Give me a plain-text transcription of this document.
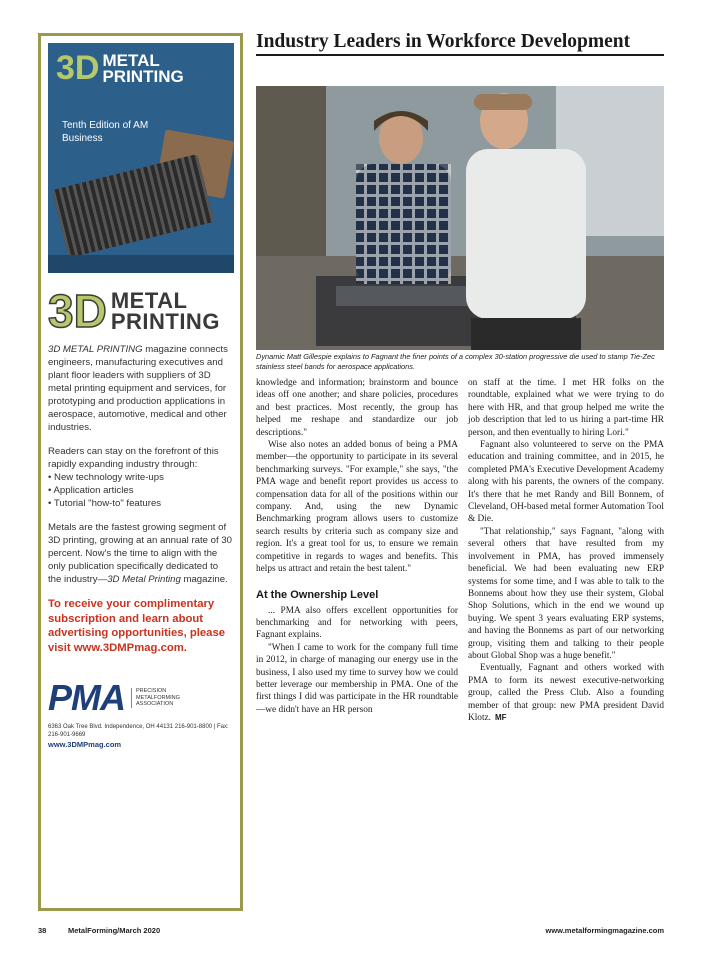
3D METAL
PRINTING
Tenth Edition of AM Business
3D METAL
PRINTING

3D METAL PRINTING magazine connects engineers, manufacturing executives and plant floor leaders with suppliers of 3D metal printing equipment and services, for prototyping and production applications in aerospace, automotive, medical and other industries.

Readers can stay on the forefront of this rapidly expanding industry through:

• New technology write-ups
• Application articles
• Tutorial "how-to" features

Metals are the fastest growing segment of 3D printing, growing at an annual rate of 30 percent. Now's the time to align with the only publication specifically dedicated to the industry—3D Metal Printing magazine.

To receive your complimentary subscription and learn about advertising opportunities, please visit www.3DMPmag.com.
PMA	PRECISION METALFORMING ASSOCIATION
6363 Oak Tree Blvd. Independence, OH 44131 216-901-8800 | Fax: 216-901-9669
www.3DMPmag.com
Industry Leaders in Workforce Development
Dynamic Matt Gillespie explains to Fagnant the finer points of a complex 30-station progressive die used to stamp Tie-Zec stainless steel bands for aerospace applications.

knowledge and information; brainstorm and bounce ideas off one another; and share policies, procedures and best practices. Most recently, the group has helped me reshape and standardize our job descriptions."

Wise also notes an added bonus of being a PMA member—the opportunity to participate in its several benchmarking surveys. "For example," she says, "the PMA wage and benefit report provides us access to compensation data for all of the positions within our company. And, using the new Dynamic Benchmarking program allows users to customize search results by criteria such as company size and region. It's a great tool for us, to ensure we remain competitive in regards to wages and benefits. This helps us attract and retain the best talent."

At the Ownership Level

... PMA also offers excellent opportunities for benchmarking and for networking with peers, Fagnant explains.

"When I came to work for the company full time in 2012, in charge of managing our energy use in the business, I also used my time to survey how we could better leverage our membership in PMA. One of the first things I did was participate in the HR roundtable—we didn't have an HR person

on staff at the time. I met HR folks on the roundtable, explained what we were trying to do here with HR, and that group helped me write the job description that led to us hiring a part-time HR person, and then eventually to hiring Lori."

Fagnant also volunteered to serve on the PMA education and training committee, and in 2015, he completed PMA's Executive Development Academy along with his parents, the owners of the company. It's there that he met Randy and Bill Bonnem, of Cleveland, OH-based metal former Automation Tool & Die.

"That relationship," says Fagnant, "along with several others that have resulted from my involvement in PMA, has proved immensely beneficial. We had been evaluating new ERP systems for some time, and I was able to talk to the Bonnems about how they use their system, Global Shop Solutions, which in the end we wound up buying. We spent 3 years evaluating ERP systems, and having the Bonnems as part of our networking group, visiting them and talking to their people about Global Shop was a huge benefit."

Eventually, Fagnant and others worked with PMA to form its newest executive-networking group, called the Press Club. Also a founding member of that group: new PMA president David Klotz. MF

38	MetalForming/March 2020	www.metalformingmagazine.com
